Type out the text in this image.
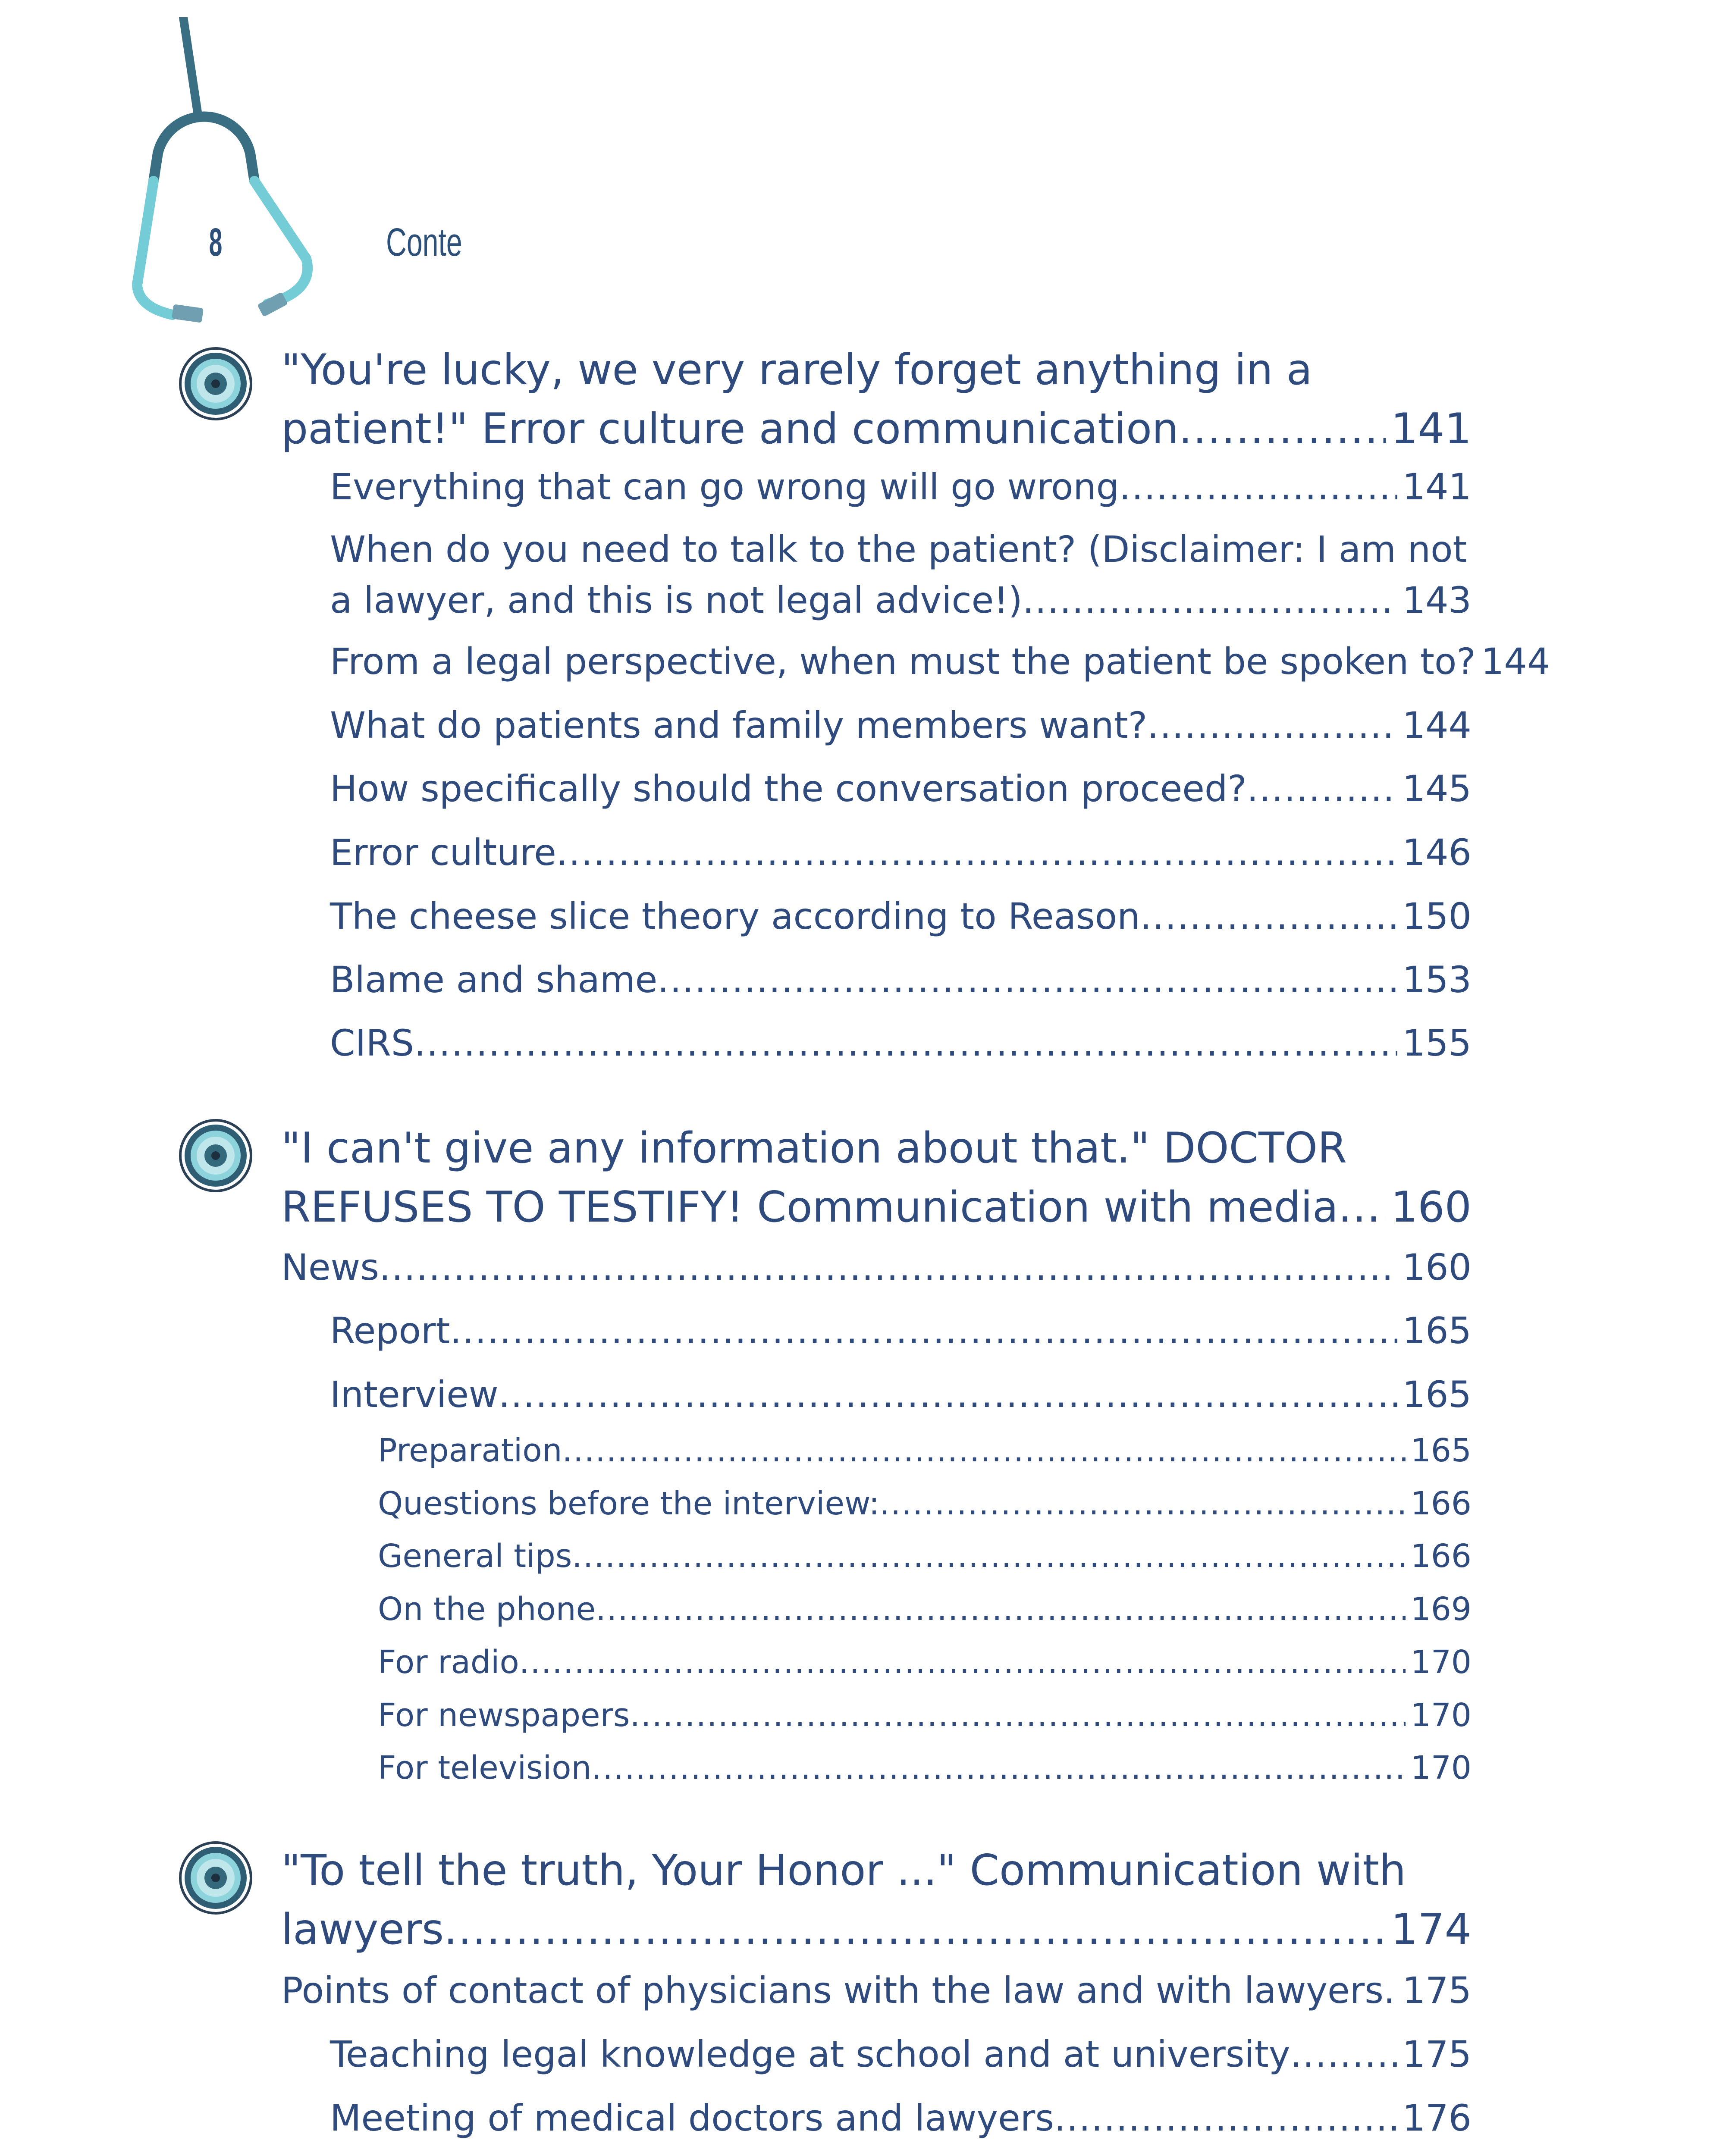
8	Conte
"You're lucky, we very rarely forget anything in a
patient!" Error culture and communication .....	141
Everything that can go wrong will go wrong .....	141
When do you need to talk to the patient? (Disclaimer: I am not
a lawyer, and this is not legal advice!) .....	143
From a legal perspective, when must the patient be spoken to? 144
What do patients and family members want? .....	144
How specifically should the conversation proceed? .....	145
Error culture .....	146
The cheese slice theory according to Reason .....	150
Blame and shame .....	153
CIRS .....	155
"I can't give any information about that." DOCTOR
REFUSES TO TESTIFY! Communication with media ..... 160
News .....	160
Report .....	165
Interview .....	165
Preparation .....	165
Questions before the interview: .....	166
General tips .....	166
On the phone .....	169
For radio .....	170
For newspapers .....	170
For television .....	170
"To tell the truth, Your Honor ..." Communication with
lawyers .....	174
Points of contact of physicians with the law and with lawyers ..... 175
Teaching legal knowledge at school and at university .....	175
Meeting of medical doctors and lawyers .....	176
